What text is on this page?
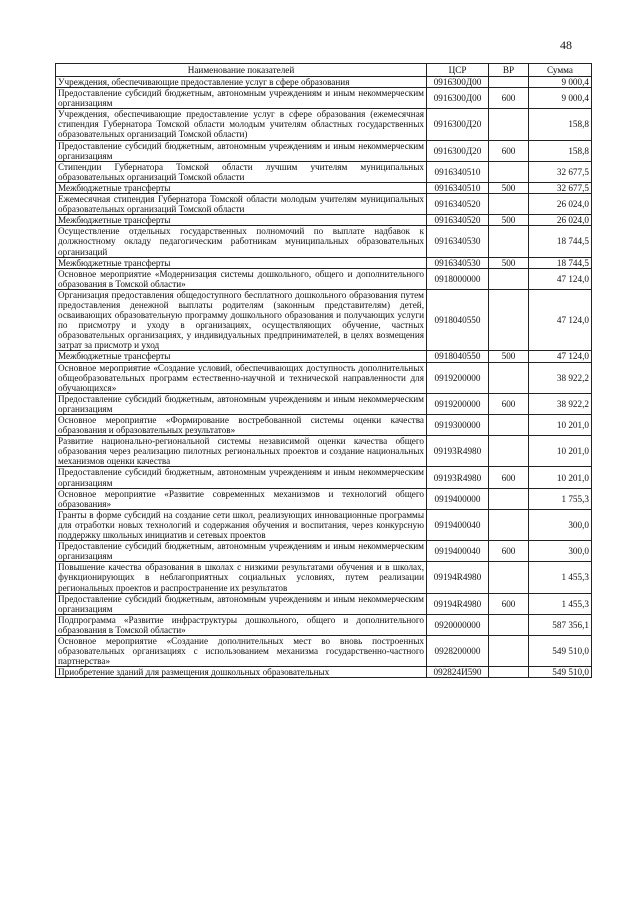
48
Наименование показателей	ЦСР	ВР	Сумма
Учреждения, обеспечивающие предоставление услуг в сфере образования	0916300Д00		9 000,4
Предоставление субсидий бюджетным, автономным учреждениям и иным некоммерческим организациям	0916300Д00	600	9 000,4
Учреждения, обеспечивающие предоставление услуг в сфере образования (ежемесячная стипендия Губернатора Томской области молодым учителям областных государственных образовательных организаций Томской области)	0916300Д20		158,8
Предоставление субсидий бюджетным, автономным учреждениям и иным некоммерческим организациям	0916300Д20	600	158,8
Стипендии Губернатора Томской области лучшим учителям муниципальных образовательных организаций Томской области	0916340510		32 677,5
Межбюджетные трансферты	0916340510	500	32 677,5
Ежемесячная стипендия Губернатора Томской области молодым учителям муниципальных образовательных организаций Томской области	0916340520		26 024,0
Межбюджетные трансферты	0916340520	500	26 024,0
Осуществление отдельных государственных полномочий по выплате надбавок к должностному окладу педагогическим работникам муниципальных образовательных организаций	0916340530		18 744,5
Межбюджетные трансферты	0916340530	500	18 744,5
Основное мероприятие «Модернизация системы дошкольного, общего и дополнительного образования в Томской области»	0918000000		47 124,0
Организация предоставления общедоступного бесплатного дошкольного образования путем предоставления денежной выплаты родителям (законным представителям) детей, осваивающих образовательную программу дошкольного образования и получающих услуги по присмотру и уходу в организациях, осуществляющих обучение, частных образовательных организациях, у индивидуальных предпринимателей, в целях возмещения затрат за присмотр и уход	0918040550		47 124,0
Межбюджетные трансферты	0918040550	500	47 124,0
Основное мероприятие «Создание условий, обеспечивающих доступность дополнительных общеобразовательных программ естественно-научной и технической направленности для обучающихся»	0919200000		38 922,2
Предоставление субсидий бюджетным, автономным учреждениям и иным некоммерческим организациям	0919200000	600	38 922,2
Основное мероприятие «Формирование востребованной системы оценки качества образования и образовательных результатов»	0919300000		10 201,0
Развитие национально-региональной системы независимой оценки качества общего образования через реализацию пилотных региональных проектов и создание национальных механизмов оценки качества	09193R4980		10 201,0
Предоставление субсидий бюджетным, автономным учреждениям и иным некоммерческим организациям	09193R4980	600	10 201,0
Основное мероприятие «Развитие современных механизмов и технологий общего образования»	0919400000		1 755,3
Гранты в форме субсидий на создание сети школ, реализующих инновационные программы для отработки новых технологий и содержания обучения и воспитания, через конкурсную поддержку школьных инициатив и сетевых проектов	0919400040		300,0
Предоставление субсидий бюджетным, автономным учреждениям и иным некоммерческим организациям	0919400040	600	300,0
Повышение качества образования в школах с низкими результатами обучения и в школах, функционирующих в неблагоприятных социальных условиях, путем реализации региональных проектов и распространение их результатов	09194R4980		1 455,3
Предоставление субсидий бюджетным, автономным учреждениям и иным некоммерческим организациям	09194R4980	600	1 455,3
Подпрограмма «Развитие инфраструктуры дошкольного, общего и дополнительного образования в Томской области»	0920000000		587 356,1
Основное мероприятие «Создание дополнительных мест во вновь построенных образовательных организациях с использованием механизма государственно-частного партнерства»	0928200000		549 510,0
Приобретение зданий для размещения дошкольных образовательных	092824И590		549 510,0
